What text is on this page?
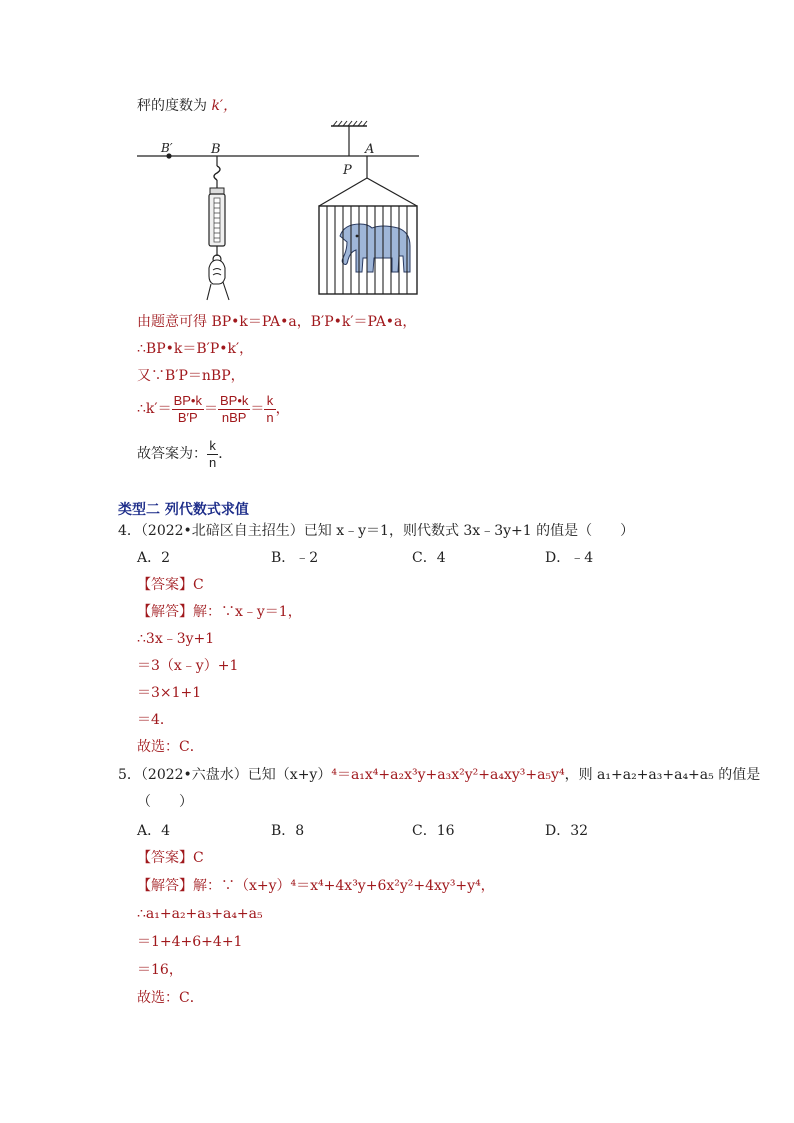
秤的度数为 k′，
B′	B	A
P
由题意可得 BP•k＝PA•a，B′P•k′＝PA•a，
∴BP•k＝B′P•k′，
又∵B′P＝nBP，
∴k′＝ $\frac{BP•k}{B'P} = \frac{BP•k}{\text{nBP}} = \frac{k}{n}$ ，
故答案为： $\frac{k}{n}$ ．
类型二 列代数式求值
4．（2022•北碚区自主招生）已知 x﹣y＝1，则代数式 3x﹣3y+1 的值是（　　）
A．2	B．﹣2	C．4	D．﹣4
【答案】C
【解答】解：∵x﹣y＝1，
∴3x﹣3y+1
＝3（x﹣y）+1
＝3×1+1
＝4．
故选：C．
5．（2022•六盘水）已知（x+y）⁴＝a₁x⁴+a₂x³y+a₃x²y²+a₄xy³+a₅y⁴，则 a₁+a₂+a₃+a₄+a₅ 的值是
（　　）
A．4	B．8	C．16	D．32
【答案】C
【解答】解：∵（x+y）⁴＝x⁴+4x³y+6x²y²+4xy³+y⁴，
∴a₁+a₂+a₃+a₄+a₅
＝1+4+6+4+1
＝16，
故选：C．
